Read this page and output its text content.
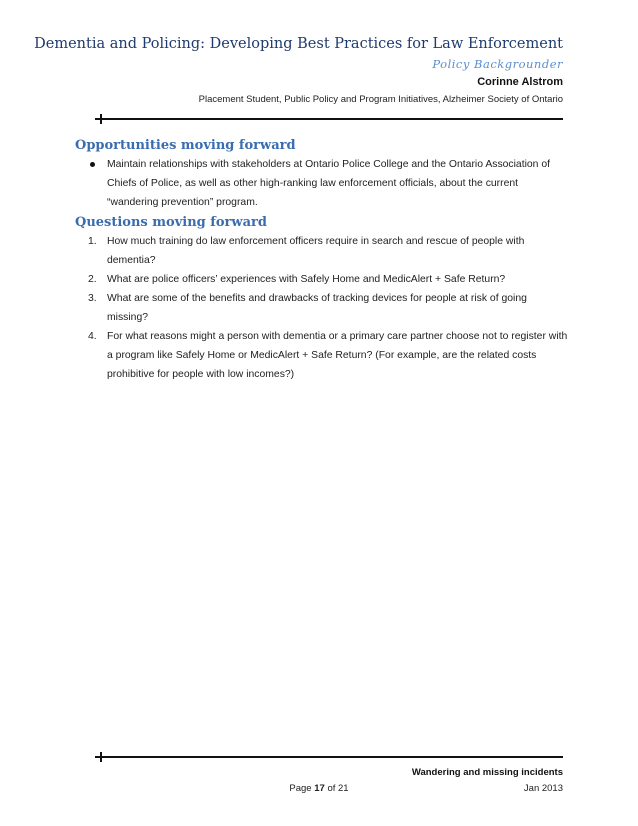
Dementia and Policing: Developing Best Practices for Law Enforcement
Policy Backgrounder
Corinne Alstrom
Placement Student, Public Policy and Program Initiatives, Alzheimer Society of Ontario
Opportunities moving forward
Maintain relationships with stakeholders at Ontario Police College and the Ontario Association of Chiefs of Police, as well as other high-ranking law enforcement officials, about the current “wandering prevention” program.
Questions moving forward
1. How much training do law enforcement officers require in search and rescue of people with dementia?
2. What are police officers’ experiences with Safely Home and MedicAlert + Safe Return?
3. What are some of the benefits and drawbacks of tracking devices for people at risk of going missing?
4. For what reasons might a person with dementia or a primary care partner choose not to register with a program like Safely Home or MedicAlert + Safe Return? (For example, are the related costs prohibitive for people with low incomes?)
Wandering and missing incidents
Page 17 of 21	Jan 2013
